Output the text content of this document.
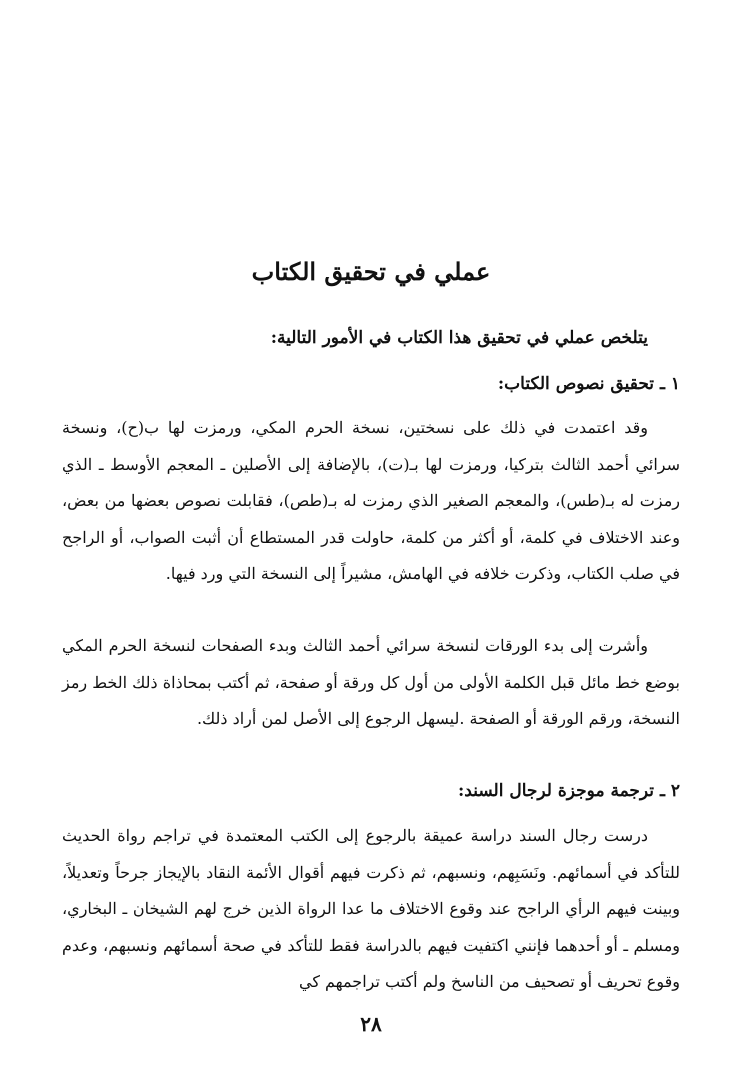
عملي في تحقيق الكتاب

يتلخص عملي في تحقيق هذا الكتاب في الأمور التالية:

١ ـ تحقيق نصوص الكتاب:

وقد اعتمدت في ذلك على نسختين، نسخة الحرم المكي، ورمزت لها ب(ح)، ونسخة سرائي أحمد الثالث بتركيا، ورمزت لها بـ(ت)، بالإضافة إلى الأصلين ـ المعجم الأوسط ـ الذي رمزت له بـ(طس)، والمعجم الصغير الذي رمزت له بـ(طص)، فقابلت نصوص بعضها من بعض، وعند الاختلاف في كلمة، أو أكثر من كلمة، حاولت قدر المستطاع أن أثبت الصواب، أو الراجح في صلب الكتاب، وذكرت خلافه في الهامش، مشيراً إلى النسخة التي ورد فيها.

وأشرت إلى بدء الورقات لنسخة سرائي أحمد الثالث وبدء الصفحات لنسخة الحرم المكي بوضع خط مائل قبل الكلمة الأولى من أول كل ورقة أو صفحة، ثم أكتب بمحاذاة ذلك الخط رمز النسخة، ورقم الورقة أو الصفحة .ليسهل الرجوع إلى الأصل لمن أراد ذلك.

٢ ـ ترجمة موجزة لرجال السند:

درست رجال السند دراسة عميقة بالرجوع إلى الكتب المعتمدة في تراجم رواة الحديث للتأكد في أسمائهم. ونَسَبِهم، ونسبهم، ثم ذكرت فيهم أقوال الأئمة النقاد بالإيجاز جرحاً وتعديلاً، وبينت فيهم الرأي الراجح عند وقوع الاختلاف ما عدا الرواة الذين خرج لهم الشيخان ـ البخاري، ومسلم ـ أو أحدهما فإنني اكتفيت فيهم بالدراسة فقط للتأكد في صحة أسمائهم ونسبهم، وعدم وقوع تحريف أو تصحيف من الناسخ ولم أكتب تراجمهم كي

٢٨
